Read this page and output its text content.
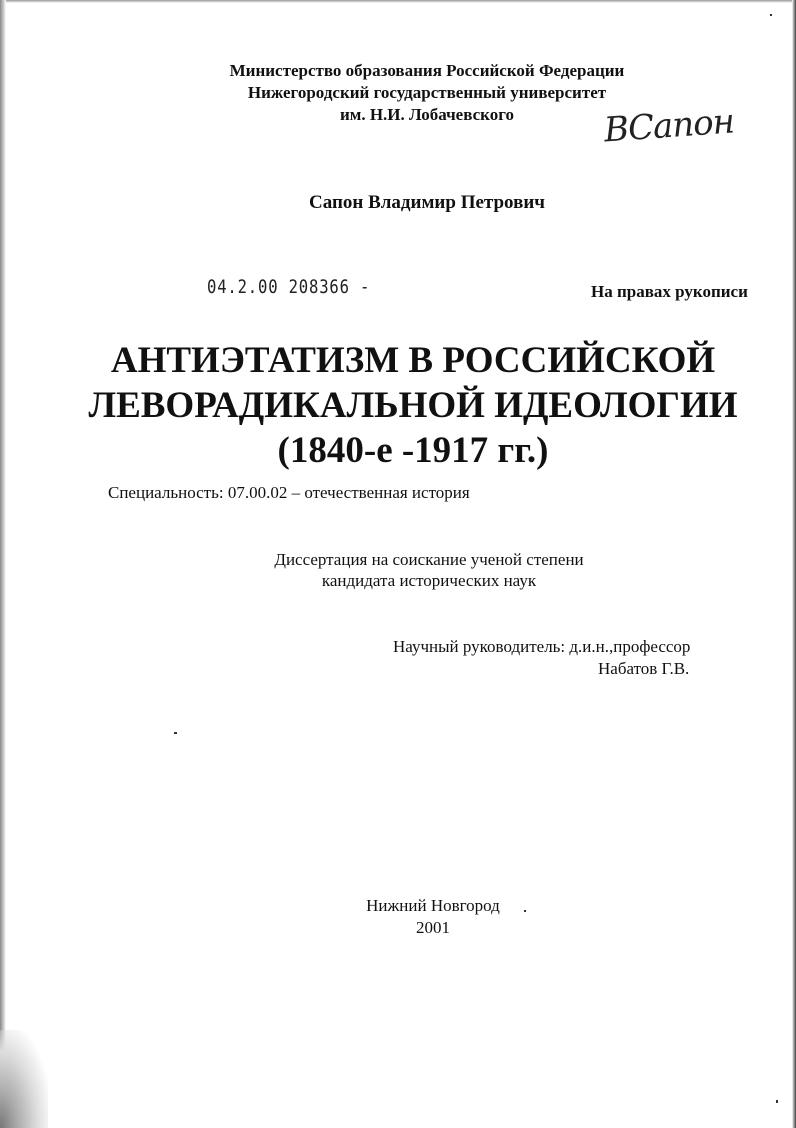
Министерство образования Российской Федерации
Нижегородский государственный университет
им. Н.И. Лобачевского	ВСапон
Сапон Владимир Петрович
04.2.00 208366 -	На правах рукописи
АНТИЭТАТИЗМ В РОССИЙСКОЙ
ЛЕВОРАДИКАЛЬНОЙ ИДЕОЛОГИИ
(1840-е -1917 гг.)
Специальность: 07.00.02 – отечественная история
Диссертация на соискание ученой степени
кандидата исторических наук
Научный руководитель: д.и.н.,профессор
Набатов Г.В.
Нижний Новгород
2001
